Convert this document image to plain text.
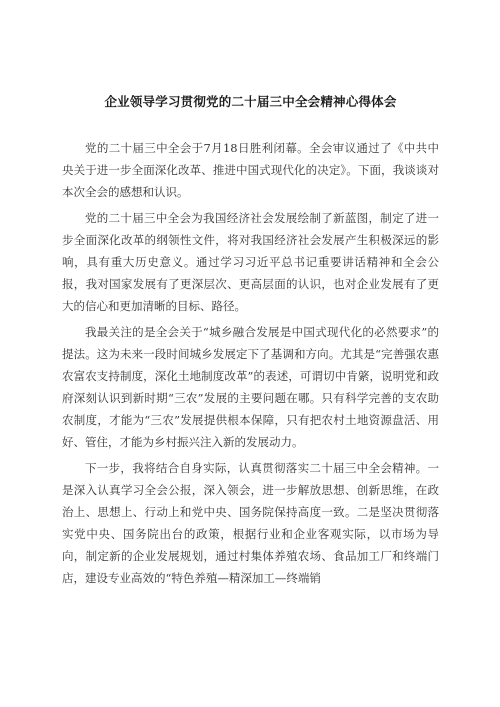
企业领导学习贯彻党的二十届三中全会精神心得体会

党的二十届三中全会于7月18日胜利闭幕。全会审议通过了《中共中央关于进一步全面深化改革、推进中国式现代化的决定》。下面，我谈谈对本次全会的感想和认识。

党的二十届三中全会为我国经济社会发展绘制了新蓝图，制定了进一步全面深化改革的纲领性文件，将对我国经济社会发展产生积极深远的影响，具有重大历史意义。通过学习习近平总书记重要讲话精神和全会公报，我对国家发展有了更深层次、更高层面的认识，也对企业发展有了更大的信心和更加清晰的目标、路径。

我最关注的是全会关于“城乡融合发展是中国式现代化的必然要求”的提法。这为未来一段时间城乡发展定下了基调和方向。尤其是“完善强农惠农富农支持制度，深化土地制度改革”的表述，可谓切中肯綮，说明党和政府深刻认识到新时期“三农”发展的主要问题在哪。只有科学完善的支农助农制度，才能为“三农”发展提供根本保障，只有把农村土地资源盘活、用好、管住，才能为乡村振兴注入新的发展动力。

下一步，我将结合自身实际，认真贯彻落实二十届三中全会精神。一是深入认真学习全会公报，深入领会，进一步解放思想、创新思维，在政治上、思想上、行动上和党中央、国务院保持高度一致。二是坚决贯彻落实党中央、国务院出台的政策，根据行业和企业客观实际，以市场为导向，制定新的企业发展规划，通过村集体养殖农场、食品加工厂和终端门店，建设专业高效的“特色养殖—精深加工—终端销
